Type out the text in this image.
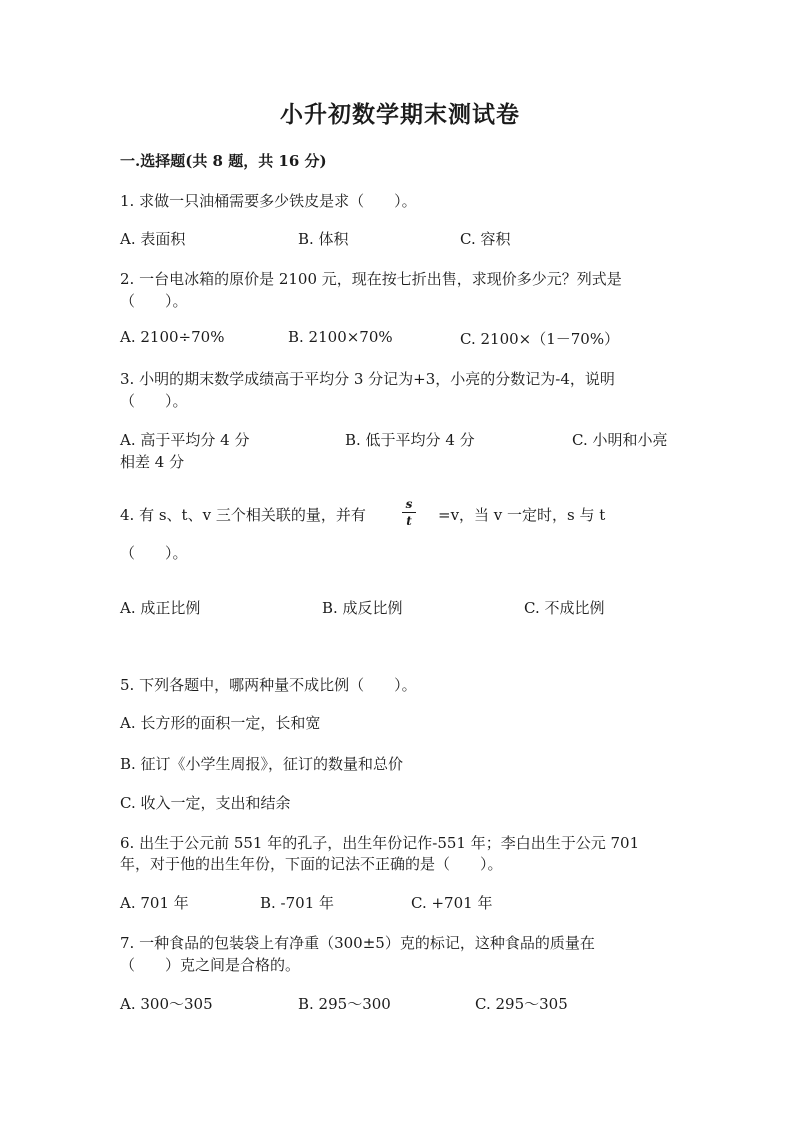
小升初数学期末测试卷
一.选择题(共 8 题，共 16 分)
1. 求做一只油桶需要多少铁皮是求（　　）。
A. 表面积	B. 体积	C. 容积
2. 一台电冰箱的原价是 2100 元，现在按七折出售，求现价多少元？列式是
（　　）。
A. 2100÷70%	B. 2100×70%	C. 2100×（1－70%）
3. 小明的期末数学成绩高于平均分 3 分记为+3，小亮的分数记为-4，说明
（　　）。
A. 高于平均分 4 分	B. 低于平均分 4 分	C. 小明和小亮
相差 4 分
4. 有 s、t、v 三个相关联的量，并有
s
t =v，当 v 一定时，s 与 t
（　　）。
A. 成正比例	B. 成反比例	C. 不成比例
5. 下列各题中，哪两种量不成比例（　　）。
A. 长方形的面积一定，长和宽
B. 征订《小学生周报》，征订的数量和总价
C. 收入一定，支出和结余
6. 出生于公元前 551 年的孔子，出生年份记作-551 年；李白出生于公元 701
年，对于他的出生年份，下面的记法不正确的是（　　）。
A. 701 年	B. -701 年	C. +701 年
7. 一种食品的包装袋上有净重（300±5）克的标记，这种食品的质量在
（　　）克之间是合格的。
A. 300～305	B. 295～300	C. 295～305
